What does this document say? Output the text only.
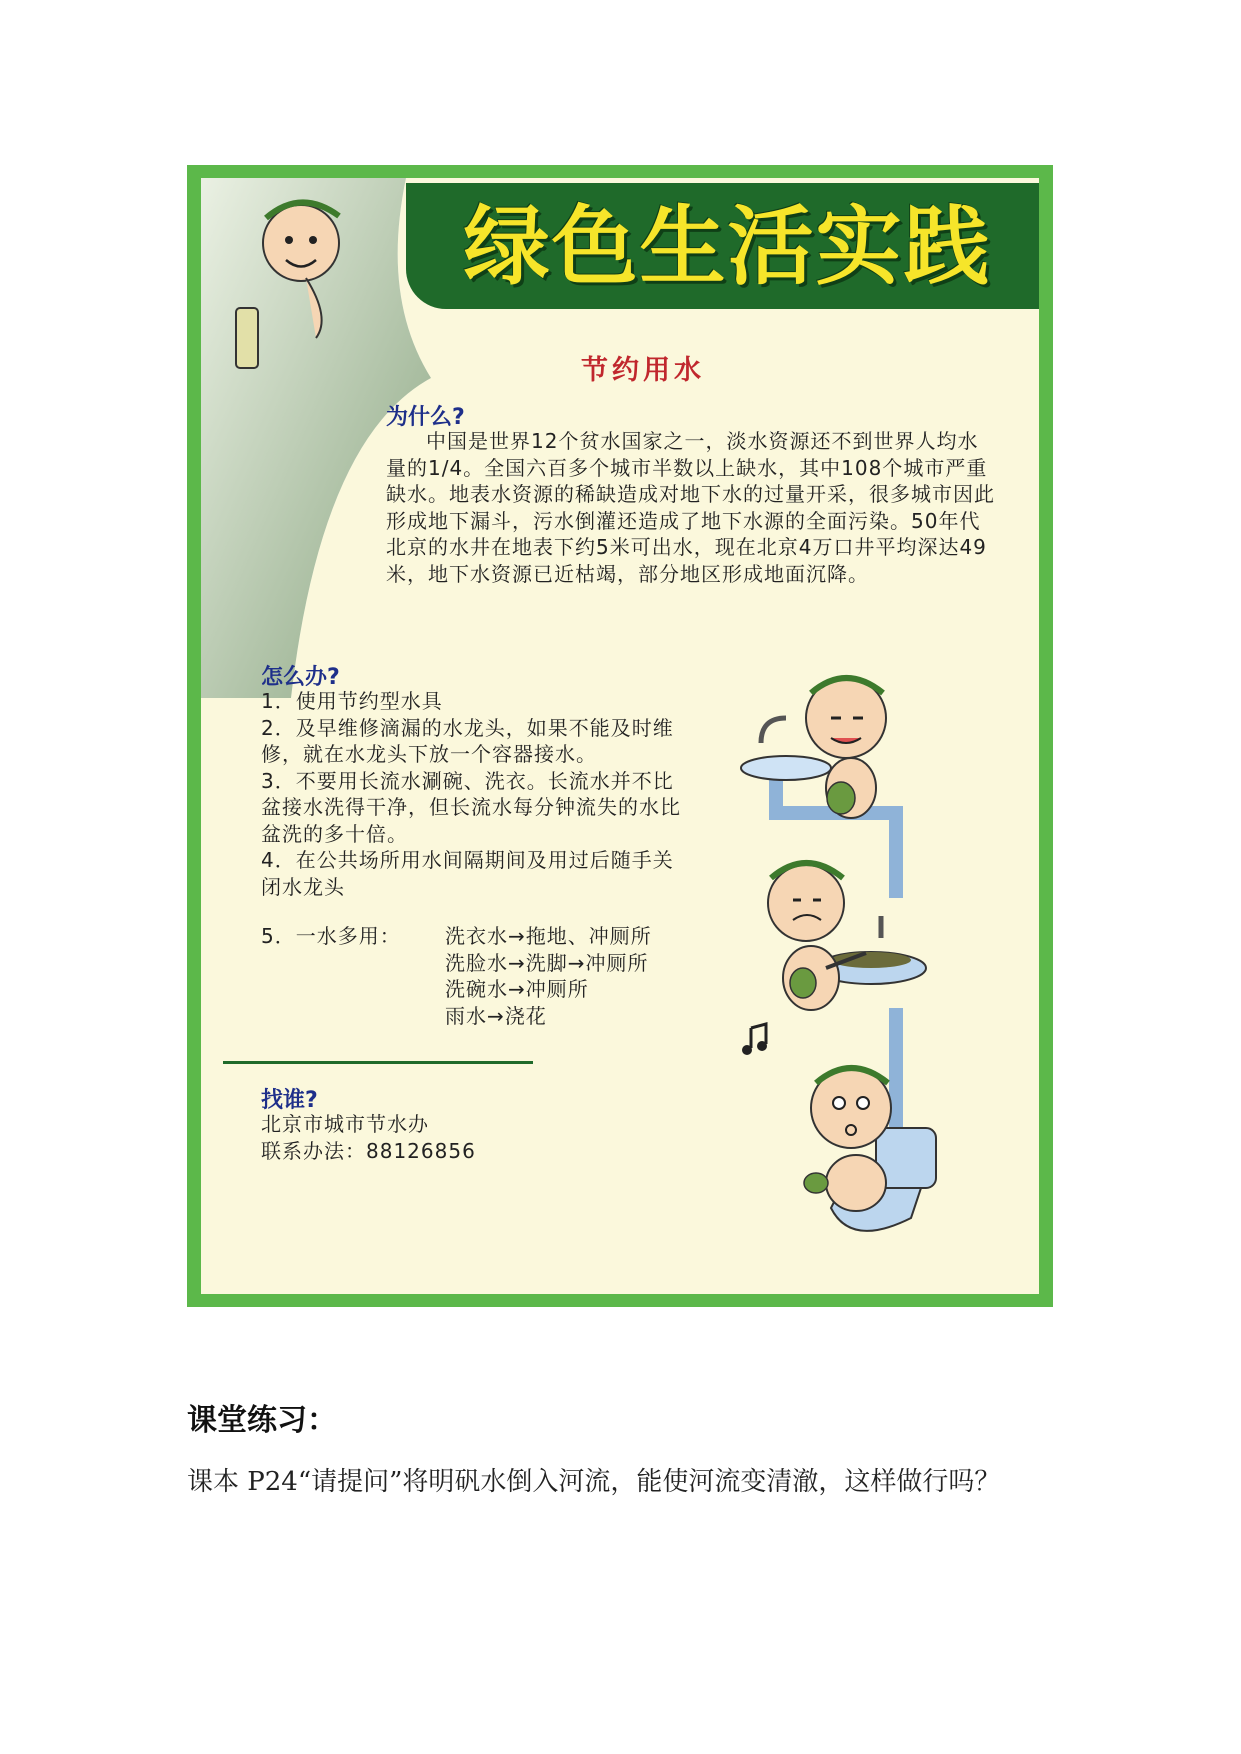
绿色生活实践
节约用水
为什么?

中国是世界12个贫水国家之一，淡水资源还不到世界人均水量的1/4。全国六百多个城市半数以上缺水，其中108个城市严重缺水。地表水资源的稀缺造成对地下水的过量开采，很多城市因此形成地下漏斗，污水倒灌还造成了地下水源的全面污染。50年代北京的水井在地表下约5米可出水，现在北京4万口井平均深达49米，地下水资源已近枯竭，部分地区形成地面沉降。

怎么办?

1．使用节约型水具

2．及早维修滴漏的水龙头，如果不能及时维修，就在水龙头下放一个容器接水。

3．不要用长流水涮碗、洗衣。长流水并不比盆接水洗得干净，但长流水每分钟流失的水比盆洗的多十倍。

4．在公共场所用水间隔期间及用过后随手关闭水龙头

5．一水多用： 洗衣水→拖地、冲厕所
洗脸水→洗脚→冲厕所
洗碗水→冲厕所
雨水→浇花
找谁?
北京市城市节水办
联系办法：88126856
课堂练习：
课本 P24“请提问”将明矾水倒入河流，能使河流变清澈，这样做行吗？
